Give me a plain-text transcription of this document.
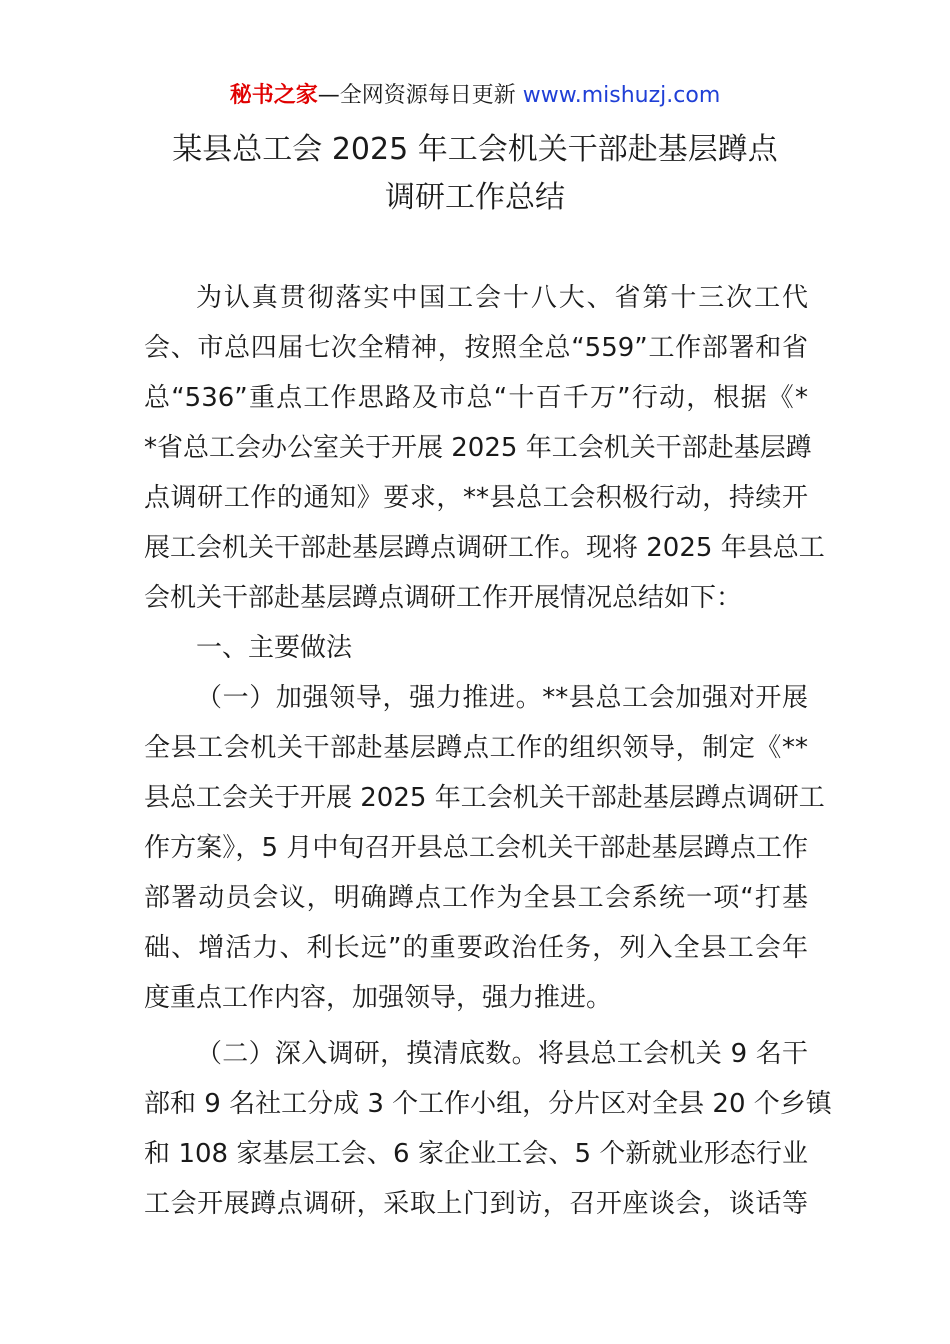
秘书之家—全网资源每日更新 www.mishuzj.com
某县总工会 2025 年工会机关干部赴基层蹲点
调研工作总结
为认真贯彻落实中国工会十八大、省第十三次工代
会、市总四届七次全精神，按照全总“559”工作部署和省
总“536”重点工作思路及市总“十百千万”行动，根据《*
*省总工会办公室关于开展 2025 年工会机关干部赴基层蹲
点调研工作的通知》要求，**县总工会积极行动，持续开
展工会机关干部赴基层蹲点调研工作。现将 2025 年县总工
会机关干部赴基层蹲点调研工作开展情况总结如下：
一、主要做法
（一）加强领导，强力推进。**县总工会加强对开展
全县工会机关干部赴基层蹲点工作的组织领导，制定《**
县总工会关于开展 2025 年工会机关干部赴基层蹲点调研工
作方案》，5 月中旬召开县总工会机关干部赴基层蹲点工作
部署动员会议，明确蹲点工作为全县工会系统一项“打基
础、增活力、利长远”的重要政治任务，列入全县工会年
度重点工作内容，加强领导，强力推进。
（二）深入调研，摸清底数。将县总工会机关 9 名干
部和 9 名社工分成 3 个工作小组，分片区对全县 20 个乡镇
和 108 家基层工会、6 家企业工会、5 个新就业形态行业
工会开展蹲点调研，采取上门到访，召开座谈会，谈话等
